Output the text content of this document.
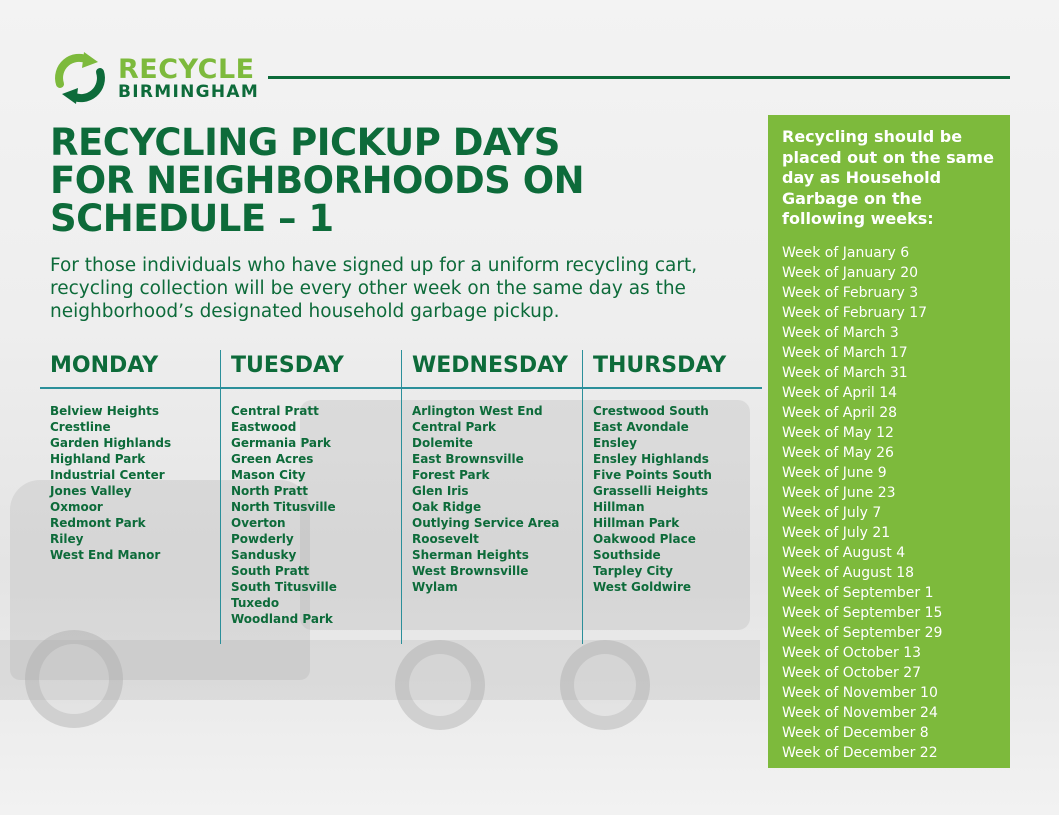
RECYCLE
BIRMINGHAM
RECYCLING PICKUP DAYS FOR NEIGHBORHOODS ON SCHEDULE – 1

For those individuals who have signed up for a uniform recycling cart, recycling collection will be every other week on the same day as the neighborhood’s designated household garbage pickup.

MONDAY
Belview Heights
Crestline
Garden Highlands
Highland Park
Industrial Center
Jones Valley
Oxmoor
Redmont Park
Riley
West End Manor
TUESDAY
Central Pratt
Eastwood
Germania Park
Green Acres
Mason City
North Pratt
North Titusville
Overton
Powderly
Sandusky
South Pratt
South Titusville
Tuxedo
Woodland Park
WEDNESDAY
Arlington West End
Central Park
Dolemite
East Brownsville
Forest Park
Glen Iris
Oak Ridge
Outlying Service Area
Roosevelt
Sherman Heights
West Brownsville
Wylam
THURSDAY
Crestwood South
East Avondale
Ensley
Ensley Highlands
Five Points South
Grasselli Heights
Hillman
Hillman Park
Oakwood Place
Southside
Tarpley City
West Goldwire

Recycling should be placed out on the same day as Household Garbage on the following weeks:

Week of January 6
Week of January 20
Week of February 3
Week of February 17
Week of March 3
Week of March 17
Week of March 31
Week of April 14
Week of April 28
Week of May 12
Week of May 26
Week of June 9
Week of June 23
Week of July 7
Week of July 21
Week of August 4
Week of August 18
Week of September 1
Week of September 15
Week of September 29
Week of October 13
Week of October 27
Week of November 10
Week of November 24
Week of December 8
Week of December 22
